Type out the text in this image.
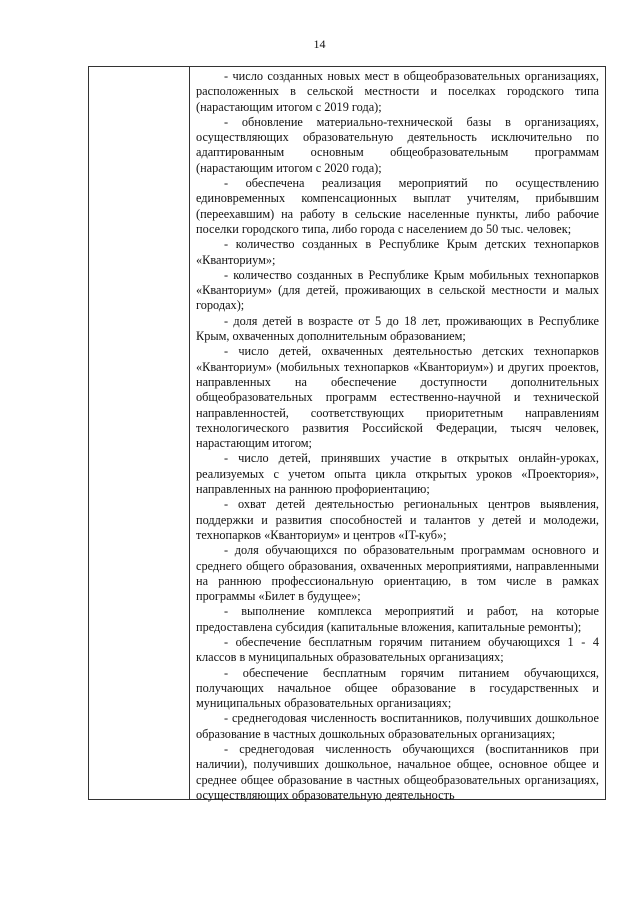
14

- число созданных новых мест в общеобразовательных организациях, расположенных в сельской местности и поселках городского типа (нарастающим итогом с 2019 года);

- обновление материально-технической базы в организациях, осуществляющих образовательную деятельность исключительно по адаптированным основным общеобразовательным программам (нарастающим итогом с 2020 года);

- обеспечена реализация мероприятий по осуществлению единовременных компенсационных выплат учителям, прибывшим (переехавшим) на работу в сельские населенные пункты, либо рабочие поселки городского типа, либо города с населением до 50 тыс. человек;

- количество созданных в Республике Крым детских технопарков «Кванториум»;

- количество созданных в Республике Крым мобильных технопарков «Кванториум» (для детей, проживающих в сельской местности и малых городах);

- доля детей в возрасте от 5 до 18 лет, проживающих в Республике Крым, охваченных дополнительным образованием;

- число детей, охваченных деятельностью детских технопарков «Кванториум» (мобильных технопарков «Кванториум») и других проектов, направленных на обеспечение доступности дополнительных общеобразовательных программ естественно-научной и технической направленностей, соответствующих приоритетным направлениям технологического развития Российской Федерации, тысяч человек, нарастающим итогом;

- число детей, принявших участие в открытых онлайн-уроках, реализуемых с учетом опыта цикла открытых уроков «Проектория», направленных на раннюю профориентацию;

- охват детей деятельностью региональных центров выявления, поддержки и развития способностей и талантов у детей и молодежи, технопарков «Кванториум» и центров «IT-куб»;

- доля обучающихся по образовательным программам основного и среднего общего образования, охваченных мероприятиями, направленными на раннюю профессиональную ориентацию, в том числе в рамках программы «Билет в будущее»;

- выполнение комплекса мероприятий и работ, на которые предоставлена субсидия (капитальные вложения, капитальные ремонты);

- обеспечение бесплатным горячим питанием обучающихся 1 - 4 классов в муниципальных образовательных организациях;

- обеспечение бесплатным горячим питанием обучающихся, получающих начальное общее образование в государственных и муниципальных образовательных организациях;

- среднегодовая численность воспитанников, получивших дошкольное образование в частных дошкольных образовательных организациях;

- среднегодовая численность обучающихся (воспитанников при наличии), получивших дошкольное, начальное общее, основное общее и среднее общее образование в частных общеобразовательных организациях, осуществляющих образовательную деятельность
